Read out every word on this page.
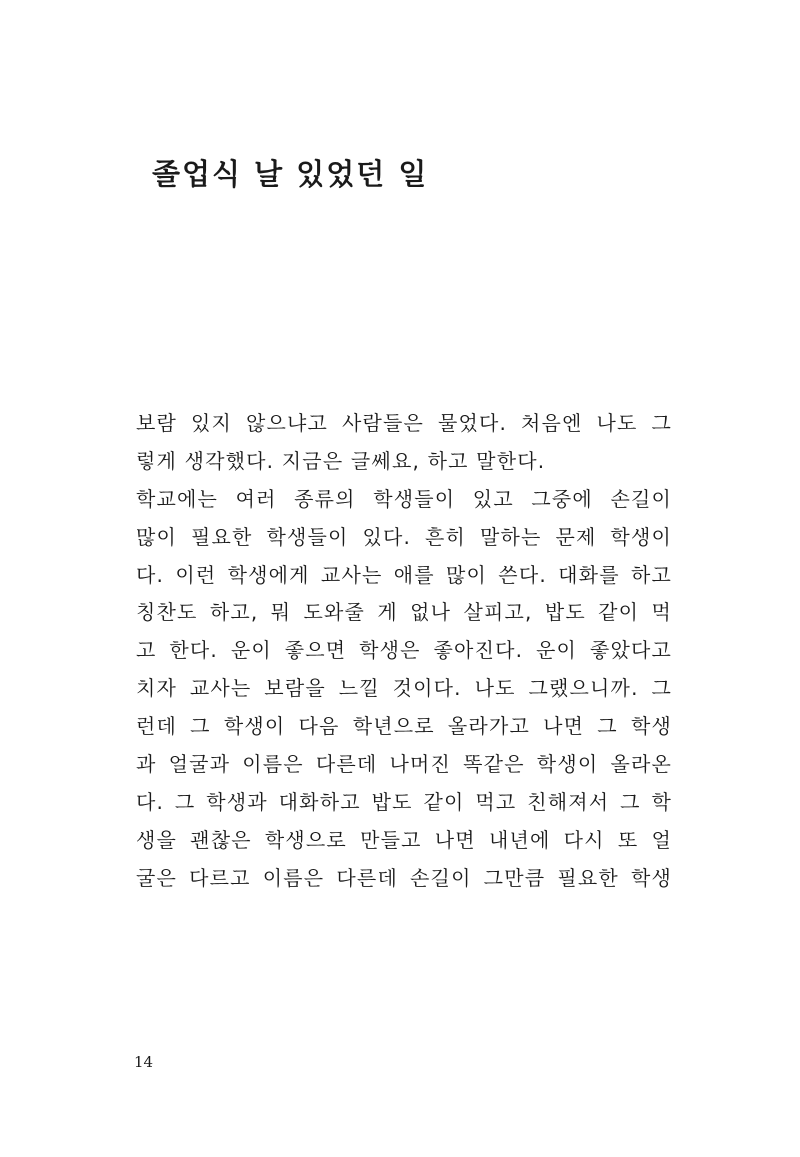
졸업식 날 있었던 일
보람 있지 않으냐고 사람들은 물었다. 처음엔 나도 그
렇게 생각했다. 지금은 글쎄요, 하고 말한다.
학교에는 여러 종류의 학생들이 있고 그중에 손길이
많이 필요한 학생들이 있다. 흔히 말하는 문제 학생이
다. 이런 학생에게 교사는 애를 많이 쓴다. 대화를 하고
칭찬도 하고, 뭐 도와줄 게 없나 살피고, 밥도 같이 먹
고 한다. 운이 좋으면 학생은 좋아진다. 운이 좋았다고
치자 교사는 보람을 느낄 것이다. 나도 그랬으니까. 그
런데 그 학생이 다음 학년으로 올라가고 나면 그 학생
과 얼굴과 이름은 다른데 나머진 똑같은 학생이 올라온
다. 그 학생과 대화하고 밥도 같이 먹고 친해져서 그 학
생을 괜찮은 학생으로 만들고 나면 내년에 다시 또 얼
굴은 다르고 이름은 다른데 손길이 그만큼 필요한 학생
14
